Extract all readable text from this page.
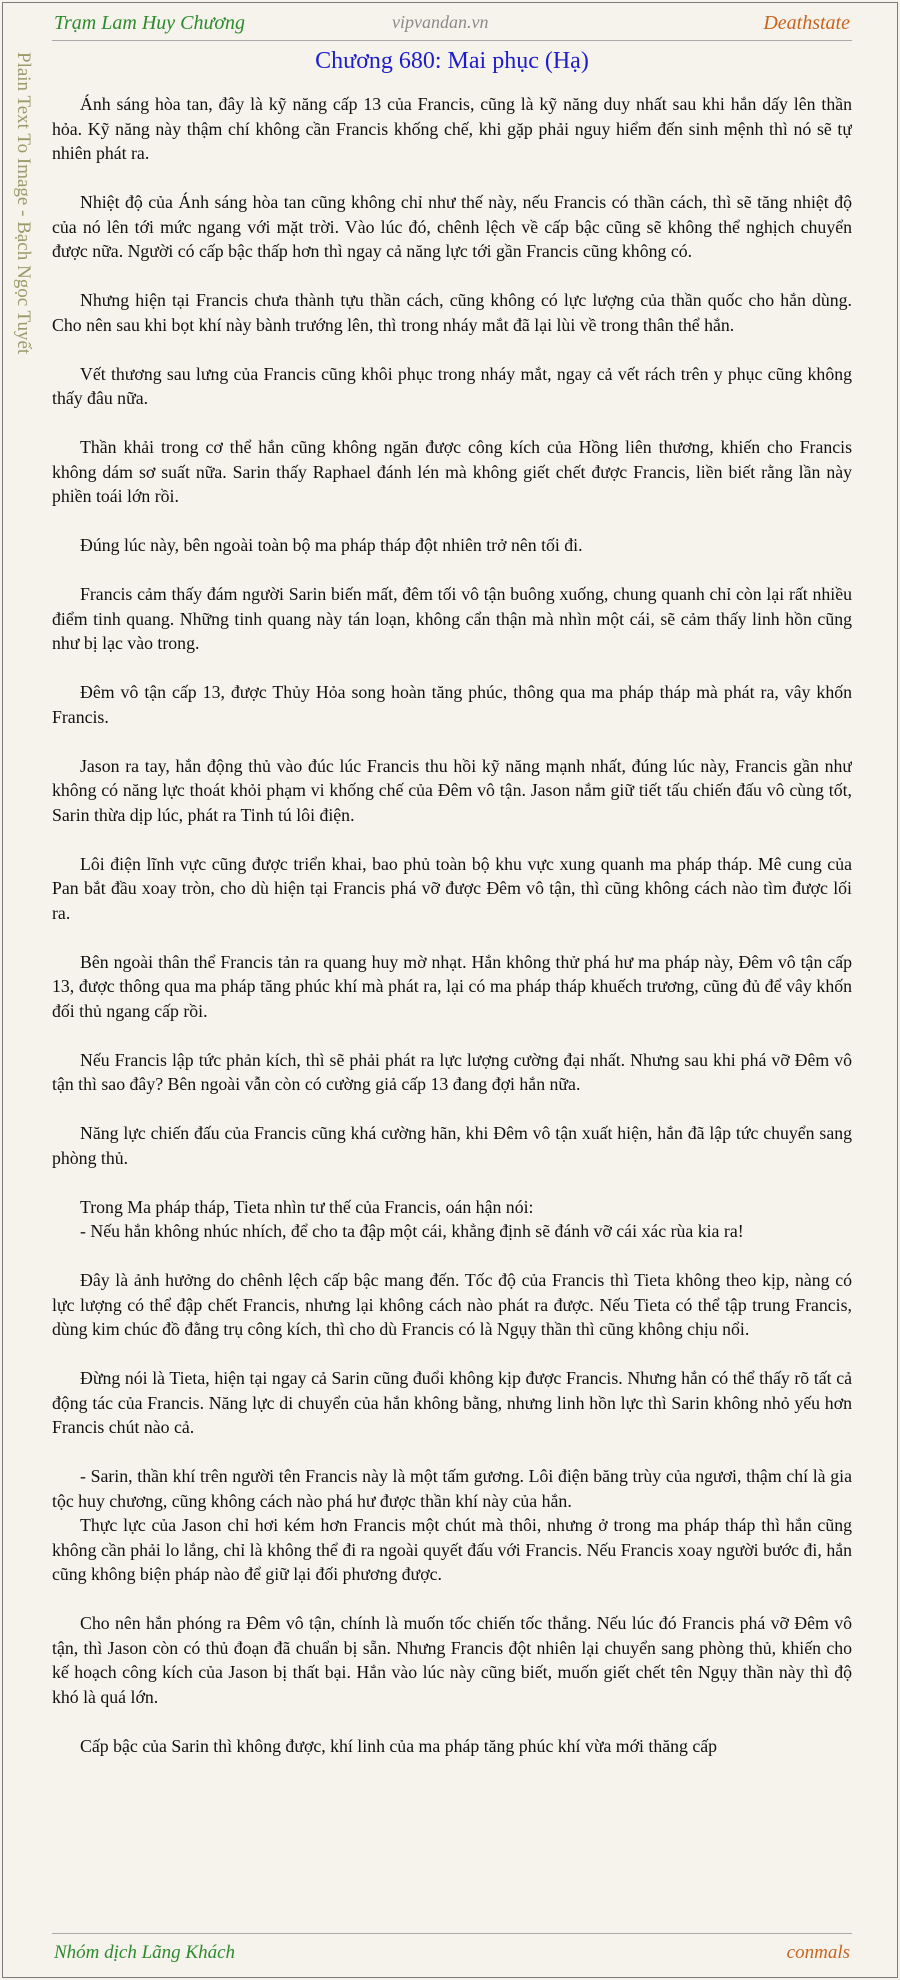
Trạm Lam Huy Chương	vipvandan.vn	Deathstate
Plain Text To Image - Bạch Ngọc Tuyết	Chương 680: Mai phục (Hạ)

Ánh sáng hòa tan, đây là kỹ năng cấp 13 của Francis, cũng là kỹ năng duy nhất sau khi hắn dấy lên thần hỏa. Kỹ năng này thậm chí không cần Francis khống chế, khi gặp phải nguy hiểm đến sinh mệnh thì nó sẽ tự nhiên phát ra.

Nhiệt độ của Ánh sáng hòa tan cũng không chỉ như thế này, nếu Francis có thần cách, thì sẽ tăng nhiệt độ của nó lên tới mức ngang với mặt trời. Vào lúc đó, chênh lệch về cấp bậc cũng sẽ không thể nghịch chuyển được nữa. Người có cấp bậc thấp hơn thì ngay cả năng lực tới gần Francis cũng không có.

Nhưng hiện tại Francis chưa thành tựu thần cách, cũng không có lực lượng của thần quốc cho hắn dùng. Cho nên sau khi bọt khí này bành trướng lên, thì trong nháy mắt đã lại lùi về trong thân thể hắn.

Vết thương sau lưng của Francis cũng khôi phục trong nháy mắt, ngay cả vết rách trên y phục cũng không thấy đâu nữa.

Thần khải trong cơ thể hắn cũng không ngăn được công kích của Hồng liên thương, khiến cho Francis không dám sơ suất nữa. Sarin thấy Raphael đánh lén mà không giết chết được Francis, liền biết rằng lần này phiền toái lớn rồi.

Đúng lúc này, bên ngoài toàn bộ ma pháp tháp đột nhiên trở nên tối đi.

Francis cảm thấy đám người Sarin biến mất, đêm tối vô tận buông xuống, chung quanh chỉ còn lại rất nhiều điểm tinh quang. Những tinh quang này tán loạn, không cẩn thận mà nhìn một cái, sẽ cảm thấy linh hồn cũng như bị lạc vào trong.

Đêm vô tận cấp 13, được Thủy Hỏa song hoàn tăng phúc, thông qua ma pháp tháp mà phát ra, vây khốn Francis.

Jason ra tay, hắn động thủ vào đúc lúc Francis thu hồi kỹ năng mạnh nhất, đúng lúc này, Francis gần như không có năng lực thoát khỏi phạm vi khống chế của Đêm vô tận. Jason nắm giữ tiết tấu chiến đấu vô cùng tốt, Sarin thừa dịp lúc, phát ra Tinh tú lôi điện.

Lôi điện lĩnh vực cũng được triển khai, bao phủ toàn bộ khu vực xung quanh ma pháp tháp. Mê cung của Pan bắt đầu xoay tròn, cho dù hiện tại Francis phá vỡ được Đêm vô tận, thì cũng không cách nào tìm được lối ra.

Bên ngoài thân thể Francis tản ra quang huy mờ nhạt. Hắn không thử phá hư ma pháp này, Đêm vô tận cấp 13, được thông qua ma pháp tăng phúc khí mà phát ra, lại có ma pháp tháp khuếch trương, cũng đủ để vây khốn đối thủ ngang cấp rồi.

Nếu Francis lập tức phản kích, thì sẽ phải phát ra lực lượng cường đại nhất. Nhưng sau khi phá vỡ Đêm vô tận thì sao đây? Bên ngoài vẫn còn có cường giả cấp 13 đang đợi hắn nữa.

Năng lực chiến đấu của Francis cũng khá cường hãn, khi Đêm vô tận xuất hiện, hắn đã lập tức chuyển sang phòng thủ.

Trong Ma pháp tháp, Tieta nhìn tư thế của Francis, oán hận nói:

- Nếu hắn không nhúc nhích, để cho ta đập một cái, khẳng định sẽ đánh vỡ cái xác rùa kia ra!

Đây là ảnh hưởng do chênh lệch cấp bậc mang đến. Tốc độ của Francis thì Tieta không theo kịp, nàng có lực lượng có thể đập chết Francis, nhưng lại không cách nào phát ra được. Nếu Tieta có thể tập trung Francis, dùng kim chúc đồ đằng trụ công kích, thì cho dù Francis có là Ngụy thần thì cũng không chịu nổi.

Đừng nói là Tieta, hiện tại ngay cả Sarin cũng đuổi không kịp được Francis. Nhưng hắn có thể thấy rõ tất cả động tác của Francis. Năng lực di chuyển của hắn không bằng, nhưng linh hồn lực thì Sarin không nhỏ yếu hơn Francis chút nào cả.

- Sarin, thần khí trên người tên Francis này là một tấm gương. Lôi điện băng trùy của ngươi, thậm chí là gia tộc huy chương, cũng không cách nào phá hư được thần khí này của hắn.

Thực lực của Jason chỉ hơi kém hơn Francis một chút mà thôi, nhưng ở trong ma pháp tháp thì hắn cũng không cần phải lo lắng, chỉ là không thể đi ra ngoài quyết đấu với Francis. Nếu Francis xoay người bước đi, hắn cũng không biện pháp nào để giữ lại đối phương được.

Cho nên hắn phóng ra Đêm vô tận, chính là muốn tốc chiến tốc thắng. Nếu lúc đó Francis phá vỡ Đêm vô tận, thì Jason còn có thủ đoạn đã chuẩn bị sẵn. Nhưng Francis đột nhiên lại chuyển sang phòng thủ, khiến cho kế hoạch công kích của Jason bị thất bại. Hắn vào lúc này cũng biết, muốn giết chết tên Ngụy thần này thì độ khó là quá lớn.

Cấp bậc của Sarin thì không được, khí linh của ma pháp tăng phúc khí vừa mới thăng cấp

Nhóm dịch Lãng Khách	conmals
